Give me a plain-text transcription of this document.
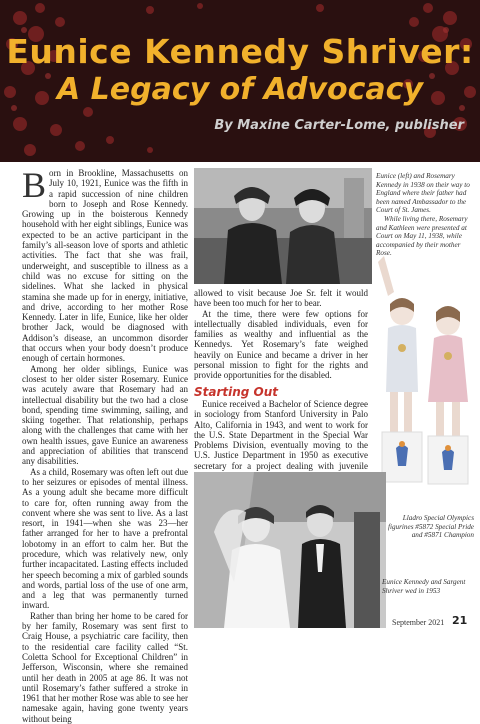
Eunice Kennedy Shriver:
A Legacy of Advocacy
By Maxine Carter-Lome, publisher

Born in Brookline, Massachusetts on July 10, 1921, Eunice was the fifth in a rapid succession of nine children born to Joseph and Rose Kennedy. Growing up in the boisterous Kennedy household with her eight siblings, Eunice was expected to be an active participant in the family’s all-season love of sports and athletic activities. The fact that she was frail, underweight, and susceptible to illness as a child was no excuse for sitting on the sidelines. What she lacked in physical stamina she made up for in energy, initiative, and drive, according to her mother Rose Kennedy. Later in life, Eunice, like her older brother Jack, would be diagnosed with Addison’s disease, an uncommon disorder that occurs when your body doesn’t produce enough of certain hormones.

Among her older siblings, Eunice was closest to her older sister Rosemary. Eunice was acutely aware that Rosemary had an intellectual disability but the two had a close bond, spending time swimming, sailing, and skiing together. That relationship, perhaps along with the challenges that came with her own health issues, gave Eunice an awareness and appreciation of abilities that transcend any disabilities.

As a child, Rosemary was often left out due to her seizures or episodes of mental illness. As a young adult she became more difficult to care for, often running away from the convent where she was sent to live. As a last resort, in 1941—when she was 23—her father arranged for her to have a prefrontal lobotomy in an effort to calm her. But the procedure, which was relatively new, only further incapacitated. Lasting effects included her speech becoming a mix of garbled sounds and words, partial loss of the use of one arm, and a leg that was permanently turned inward.

Rather than bring her home to be cared for by her family, Rosemary was sent first to Craig House, a psychiatric care facility, then to the residential care facility called “St. Coletta School for Exceptional Children” in Jefferson, Wisconsin, where she remained until her death in 2005 at age 86. It was not until Rosemary’s father suffered a stroke in 1961 that her mother Rose was able to see her namesake again, having gone twenty years without being

Eunice (left) and Rosemary Kennedy in 1938 on their way to England where their father had been named Ambassador to the Court of St. James.

While living there, Rosemary and Kathleen were presented at Court on May 11, 1938, while accompanied by their mother Rose.

Lladro Special Olympics figurines #5872 Special Pride and #5871 Champion

allowed to visit because Joe Sr. felt it would have been too much for her to bear.

At the time, there were few options for intellectually disabled individuals, even for families as wealthy and influential as the Kennedys. Yet Rosemary’s fate weighed heavily on Eunice and became a driver in her personal mission to fight for the rights and provide opportunities for the disabled.

Starting Out

Eunice received a Bachelor of Science degree in sociology from Stanford University in Palo Alto, California in 1943, and went to work for the U.S. State Department in the Special War Problems Division, eventually moving to the U.S. Justice Department in 1950 as executive secretary for a project dealing with juvenile

Eunice Kennedy and Sargent Shriver wed in 1953
September 2021 21
